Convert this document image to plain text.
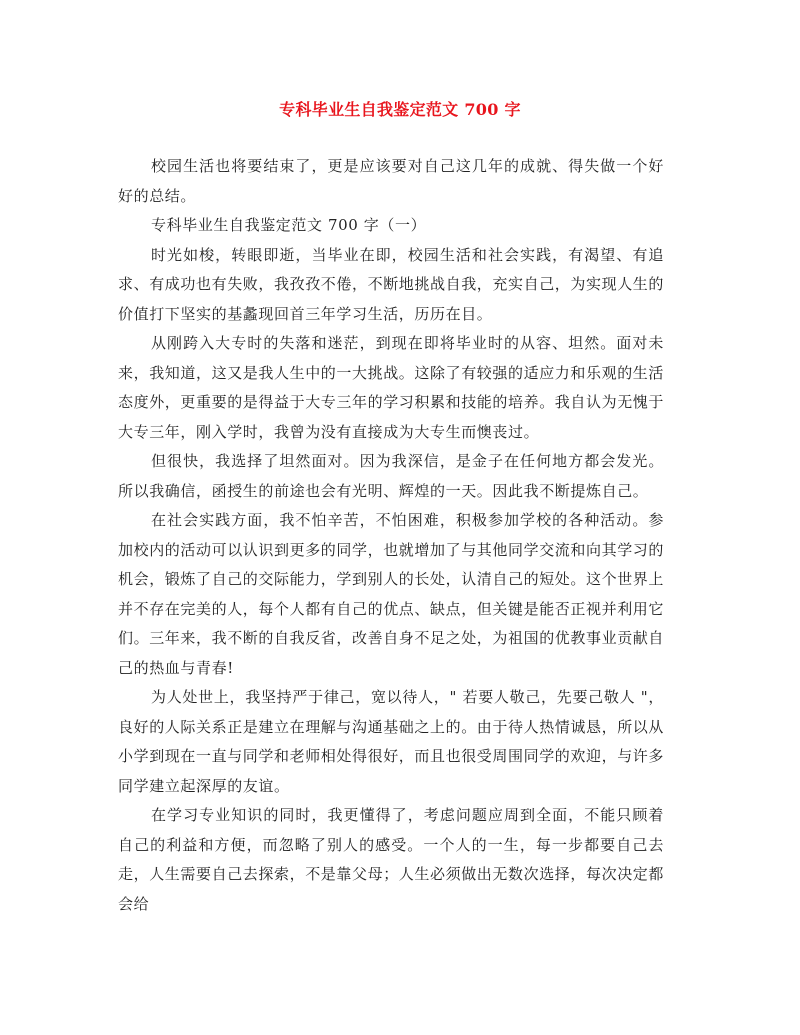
专科毕业生自我鉴定范文 700 字

校园生活也将要结束了，更是应该要对自己这几年的成就、得失做一个好好的总结。

专科毕业生自我鉴定范文 700 字（一）

时光如梭，转眼即逝，当毕业在即，校园生活和社会实践，有渴望、有追求、有成功也有失败，我孜孜不倦，不断地挑战自我，充实自己，为实现人生的价值打下坚实的基蠡现回首三年学习生活，历历在目。

从刚跨入大专时的失落和迷茫，到现在即将毕业时的从容、坦然。面对未来，我知道，这又是我人生中的一大挑战。这除了有较强的适应力和乐观的生活态度外，更重要的是得益于大专三年的学习积累和技能的培养。我自认为无愧于大专三年，刚入学时，我曾为没有直接成为大专生而懊丧过。

但很快，我选择了坦然面对。因为我深信，是金子在任何地方都会发光。所以我确信，函授生的前途也会有光明、辉煌的一天。因此我不断提炼自己。

在社会实践方面，我不怕辛苦，不怕困难，积极参加学校的各种活动。参加校内的活动可以认识到更多的同学，也就增加了与其他同学交流和向其学习的机会，锻炼了自己的交际能力，学到别人的长处，认清自己的短处。这个世界上并不存在完美的人，每个人都有自己的优点、缺点，但关键是能否正视并利用它们。三年来，我不断的自我反省，改善自身不足之处，为祖国的优教事业贡献自己的热血与青春!

为人处世上，我坚持严于律己，宽以待人，" 若要人敬己，先要己敬人 "，良好的人际关系正是建立在理解与沟通基础之上的。由于待人热情诚恳，所以从小学到现在一直与同学和老师相处得很好，而且也很受周围同学的欢迎，与许多同学建立起深厚的友谊。

在学习专业知识的同时，我更懂得了，考虑问题应周到全面，不能只顾着自己的利益和方便，而忽略了别人的感受。一个人的一生，每一步都要自己去走，人生需要自己去探索，不是靠父母；人生必须做出无数次选择，每次决定都会给
